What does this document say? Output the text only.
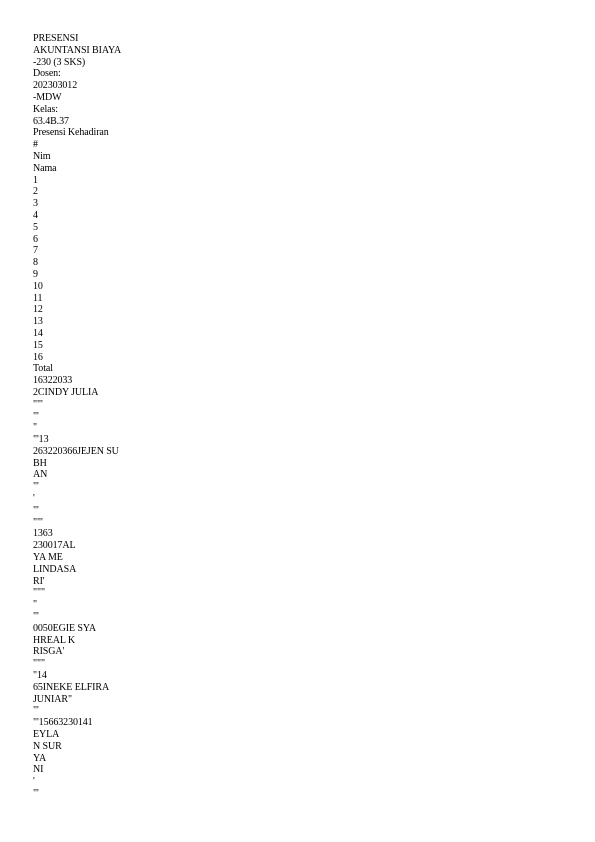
PRESENSI
AKUNTANSI BIAYA
-230 (3 SKS)
Dosen:
202303012
-MDW
Kelas:
63.4B.37
Presensi Kehadiran
#
Nim
Nama
1
2
3
4
5
6
7
8
9
10
11
12
13
14
15
16
Total
16322033
2CINDY JULIA
""'
"'
"
"'13
263220366JEJEN SU
BH
AN
"'
'
"'
""'
1363
230017AL
YA ME
LINDASA
RI'
"""
"
"'
0050EGIE SYA
HREAL K
RISGA'
"""
"14
65INEKE ELFIRA
JUNIAR"
"'
"'15663230141
EYLA
N SUR
YA
NI
'
"'
